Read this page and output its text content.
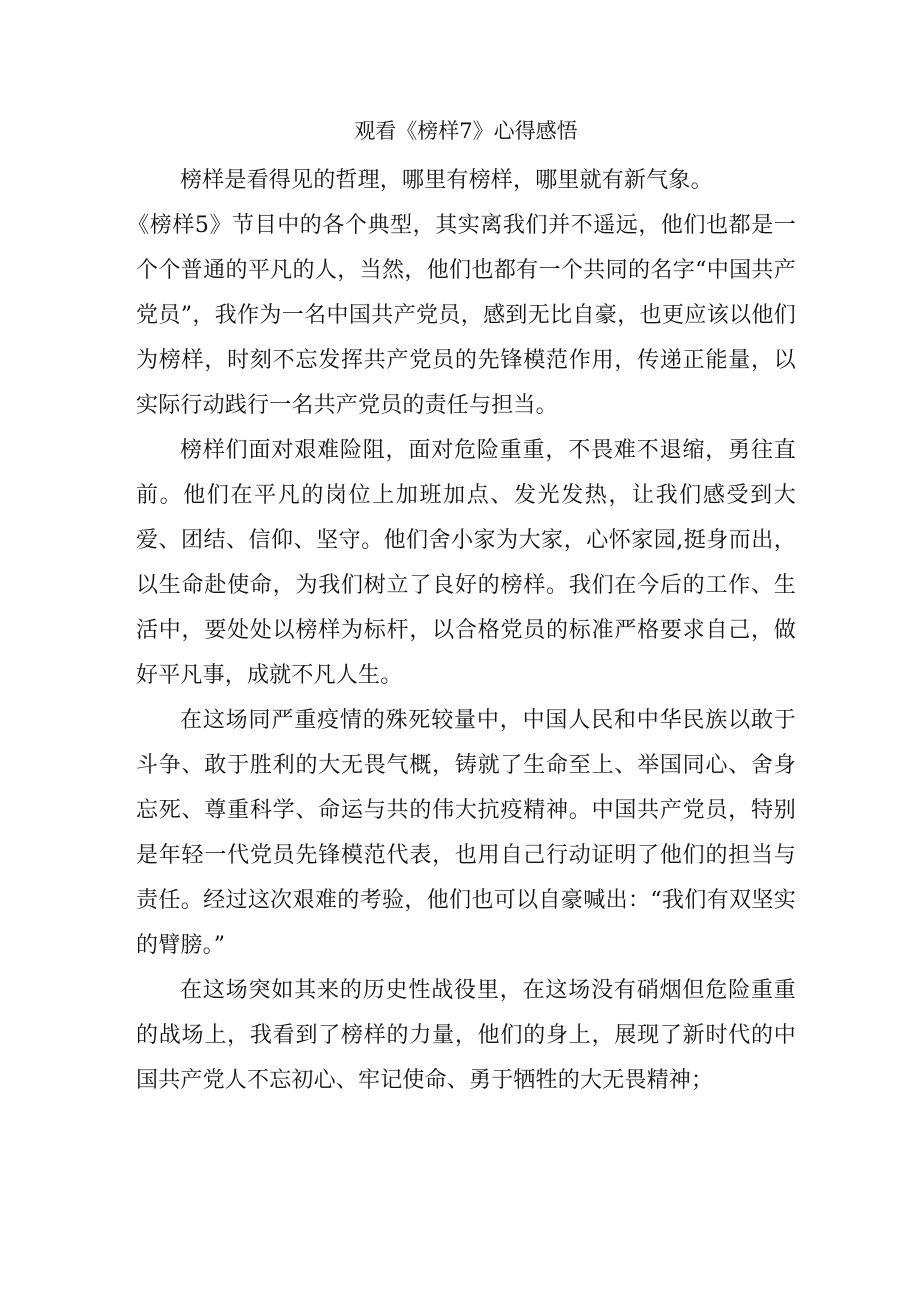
观看《榜样7》心得感悟

榜样是看得见的哲理，哪里有榜样，哪里就有新气象。

《榜样5》节目中的各个典型，其实离我们并不遥远，他们也都是一个个普通的平凡的人，当然，他们也都有一个共同的名字“中国共产党员”，我作为一名中国共产党员，感到无比自豪，也更应该以他们为榜样，时刻不忘发挥共产党员的先锋模范作用，传递正能量，以实际行动践行一名共产党员的责任与担当。

榜样们面对艰难险阻，面对危险重重，不畏难不退缩，勇往直前。他们在平凡的岗位上加班加点、发光发热，让我们感受到大爱、团结、信仰、坚守。他们舍小家为大家，心怀家园,挺身而出，以生命赴使命，为我们树立了良好的榜样。我们在今后的工作、生活中，要处处以榜样为标杆，以合格党员的标准严格要求自己，做好平凡事，成就不凡人生。

在这场同严重疫情的殊死较量中，中国人民和中华民族以敢于斗争、敢于胜利的大无畏气概，铸就了生命至上、举国同心、舍身忘死、尊重科学、命运与共的伟大抗疫精神。中国共产党员，特别是年轻一代党员先锋模范代表，也用自己行动证明了他们的担当与责任。经过这次艰难的考验，他们也可以自豪喊出：“我们有双坚实的臂膀。”

在这场突如其来的历史性战役里，在这场没有硝烟但危险重重的战场上，我看到了榜样的力量，他们的身上，展现了新时代的中国共产党人不忘初心、牢记使命、勇于牺牲的大无畏精神；
